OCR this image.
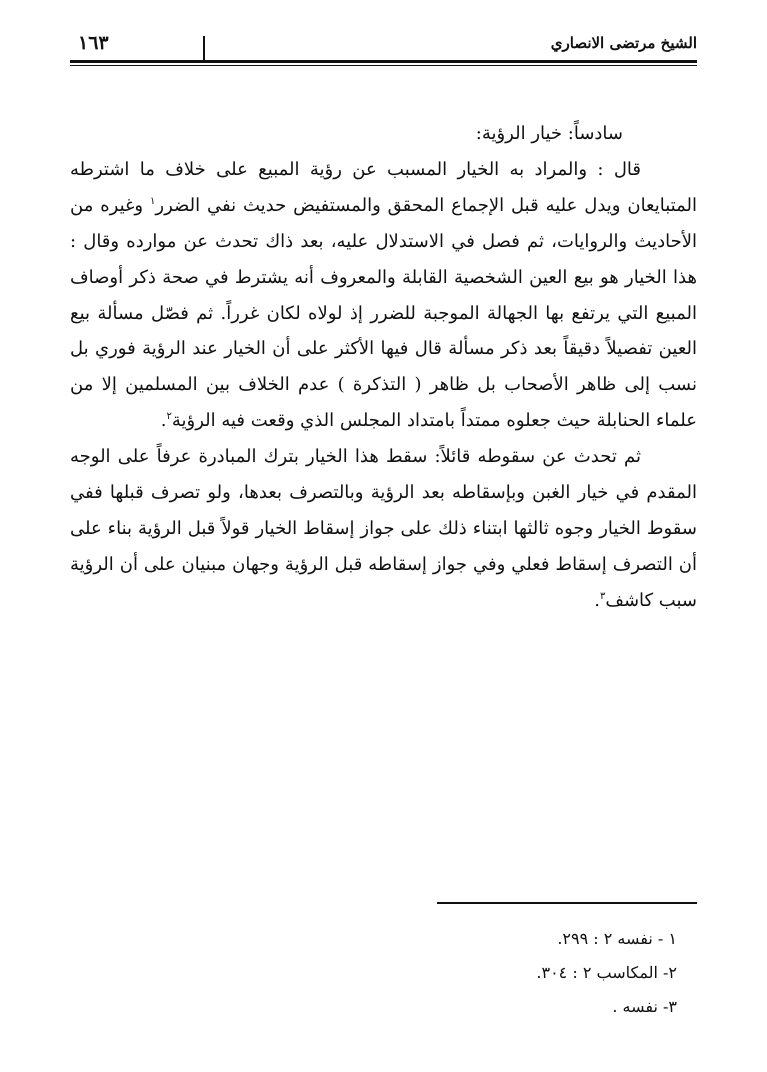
الشيخ مرتضى الانصاري
١٦٣

سادساً: خيار الرؤية:

قال : والمراد به الخيار المسبب عن رؤية المبيع على خلاف ما اشترطه المتبايعان ويدل عليه قبل الإجماع المحقق والمستفيض حديث نفي الضرر$^١$ وغيره من الأحاديث والروايات، ثم فصل في الاستدلال عليه، بعد ذاك تحدث عن موارده وقال : هذا الخيار هو بيع العين الشخصية القابلة والمعروف أنه يشترط في صحة ذكر أوصاف المبيع التي يرتفع بها الجهالة الموجبة للضرر إذ لولاه لكان غرراً. ثم فصّل مسألة بيع العين تفصيلاً دقيقاً بعد ذكر مسألة قال فيها الأكثر على أن الخيار عند الرؤية فوري بل نسب إلى ظاهر الأصحاب بل ظاهر ( التذكرة ) عدم الخلاف بين المسلمين إلا من علماء الحنابلة حيث جعلوه ممتداً بامتداد المجلس الذي وقعت فيه الرؤية$^٢$.

ثم تحدث عن سقوطه قائلاً: سقط هذا الخيار بترك المبادرة عرفاً على الوجه المقدم في خيار الغبن وبإسقاطه بعد الرؤية وبالتصرف بعدها، ولو تصرف قبلها ففي سقوط الخيار وجوه ثالثها ابتناء ذلك على جواز إسقاط الخيار قولاً قبل الرؤية بناء على أن التصرف إسقاط فعلي وفي جواز إسقاطه قبل الرؤية وجهان مبنيان على أن الرؤية سبب كاشف$^٣$.

١ - نفسه ٢ : ٢٩٩.
٢- المكاسب ٢ : ٣٠٤.
٣- نفسه .
